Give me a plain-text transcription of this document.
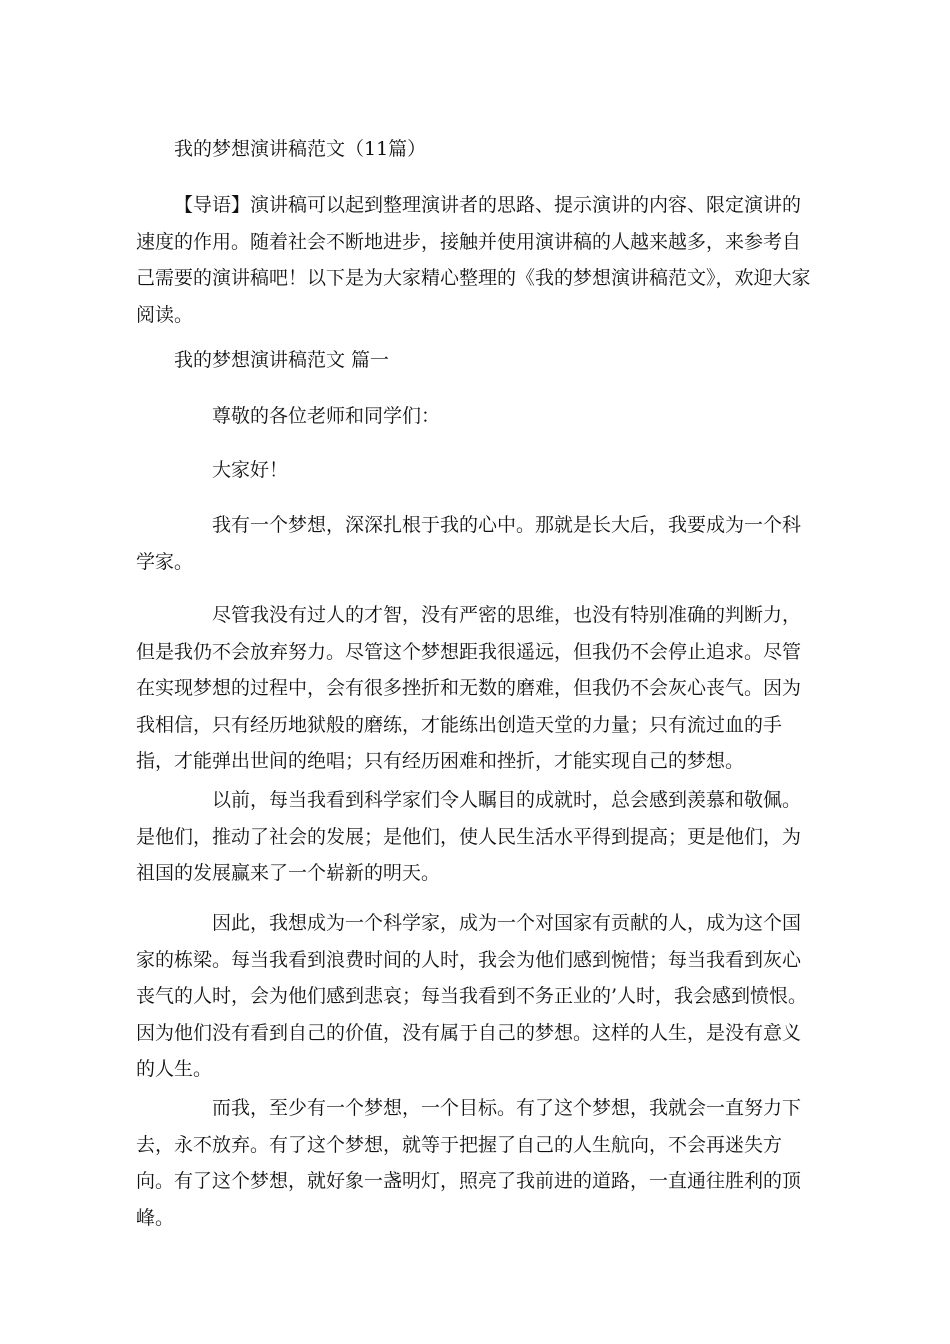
我的梦想演讲稿范文（11篇）

【导语】演讲稿可以起到整理演讲者的思路、提示演讲的内容、限定演讲的速度的作用。随着社会不断地进步，接触并使用演讲稿的人越来越多，来参考自己需要的演讲稿吧！以下是为大家精心整理的《我的梦想演讲稿范文》，欢迎大家阅读。

我的梦想演讲稿范文 篇一

尊敬的各位老师和同学们：

大家好！

我有一个梦想，深深扎根于我的心中。那就是长大后，我要成为一个科学家。

尽管我没有过人的才智，没有严密的思维，也没有特别准确的判断力，但是我仍不会放弃努力。尽管这个梦想距我很遥远，但我仍不会停止追求。尽管在实现梦想的过程中，会有很多挫折和无数的磨难，但我仍不会灰心丧气。因为我相信，只有经历地狱般的磨练，才能练出创造天堂的力量；只有流过血的手指，才能弹出世间的绝唱；只有经历困难和挫折，才能实现自己的梦想。

以前，每当我看到科学家们令人瞩目的成就时，总会感到羡慕和敬佩。是他们，推动了社会的发展；是他们，使人民生活水平得到提高；更是他们，为祖国的发展赢来了一个崭新的明天。

因此，我想成为一个科学家，成为一个对国家有贡献的人，成为这个国家的栋梁。每当我看到浪费时间的人时，我会为他们感到惋惜；每当我看到灰心丧气的人时，会为他们感到悲哀；每当我看到不务正业的’人时，我会感到愤恨。因为他们没有看到自己的价值，没有属于自己的梦想。这样的人生，是没有意义的人生。

而我，至少有一个梦想，一个目标。有了这个梦想，我就会一直努力下去，永不放弃。有了这个梦想，就等于把握了自己的人生航向，不会再迷失方向。有了这个梦想，就好象一盏明灯，照亮了我前进的道路，一直通往胜利的顶峰。
